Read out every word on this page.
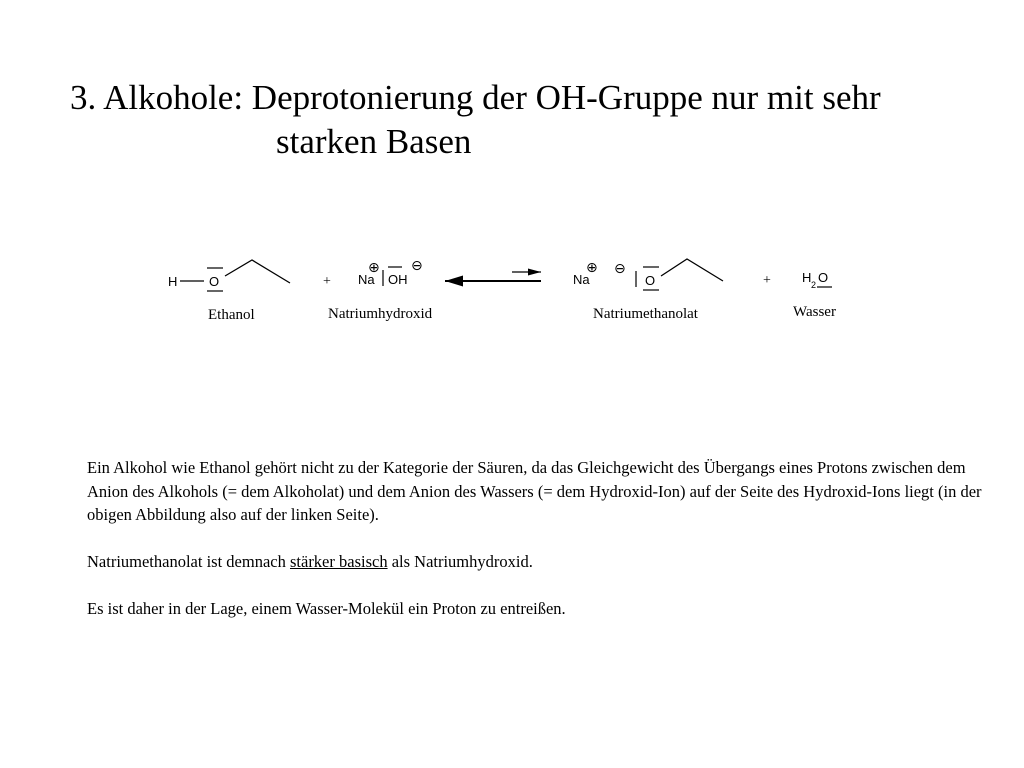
3. Alkohole: Deprotonierung der OH-Gruppe nur mit sehr
starken Basen
H O	+
⊕
Na OH
⊖	⊕
Na
⊖
O	+ H 2 O
Ethanol	Natriumhydroxid	Natriumethanolat	Wasser

Ein Alkohol wie Ethanol gehört nicht zu der Kategorie der Säuren, da das Gleichgewicht des Übergangs eines Protons zwischen dem Anion des Alkohols (= dem Alkoholat) und dem Anion des Wassers (= dem Hydroxid-Ion) auf der Seite des Hydroxid-Ions liegt (in der obigen Abbildung also auf der linken Seite).

Natriumethanolat ist demnach stärker basisch als Natriumhydroxid.

Es ist daher in der Lage, einem Wasser-Molekül ein Proton zu entreißen.
